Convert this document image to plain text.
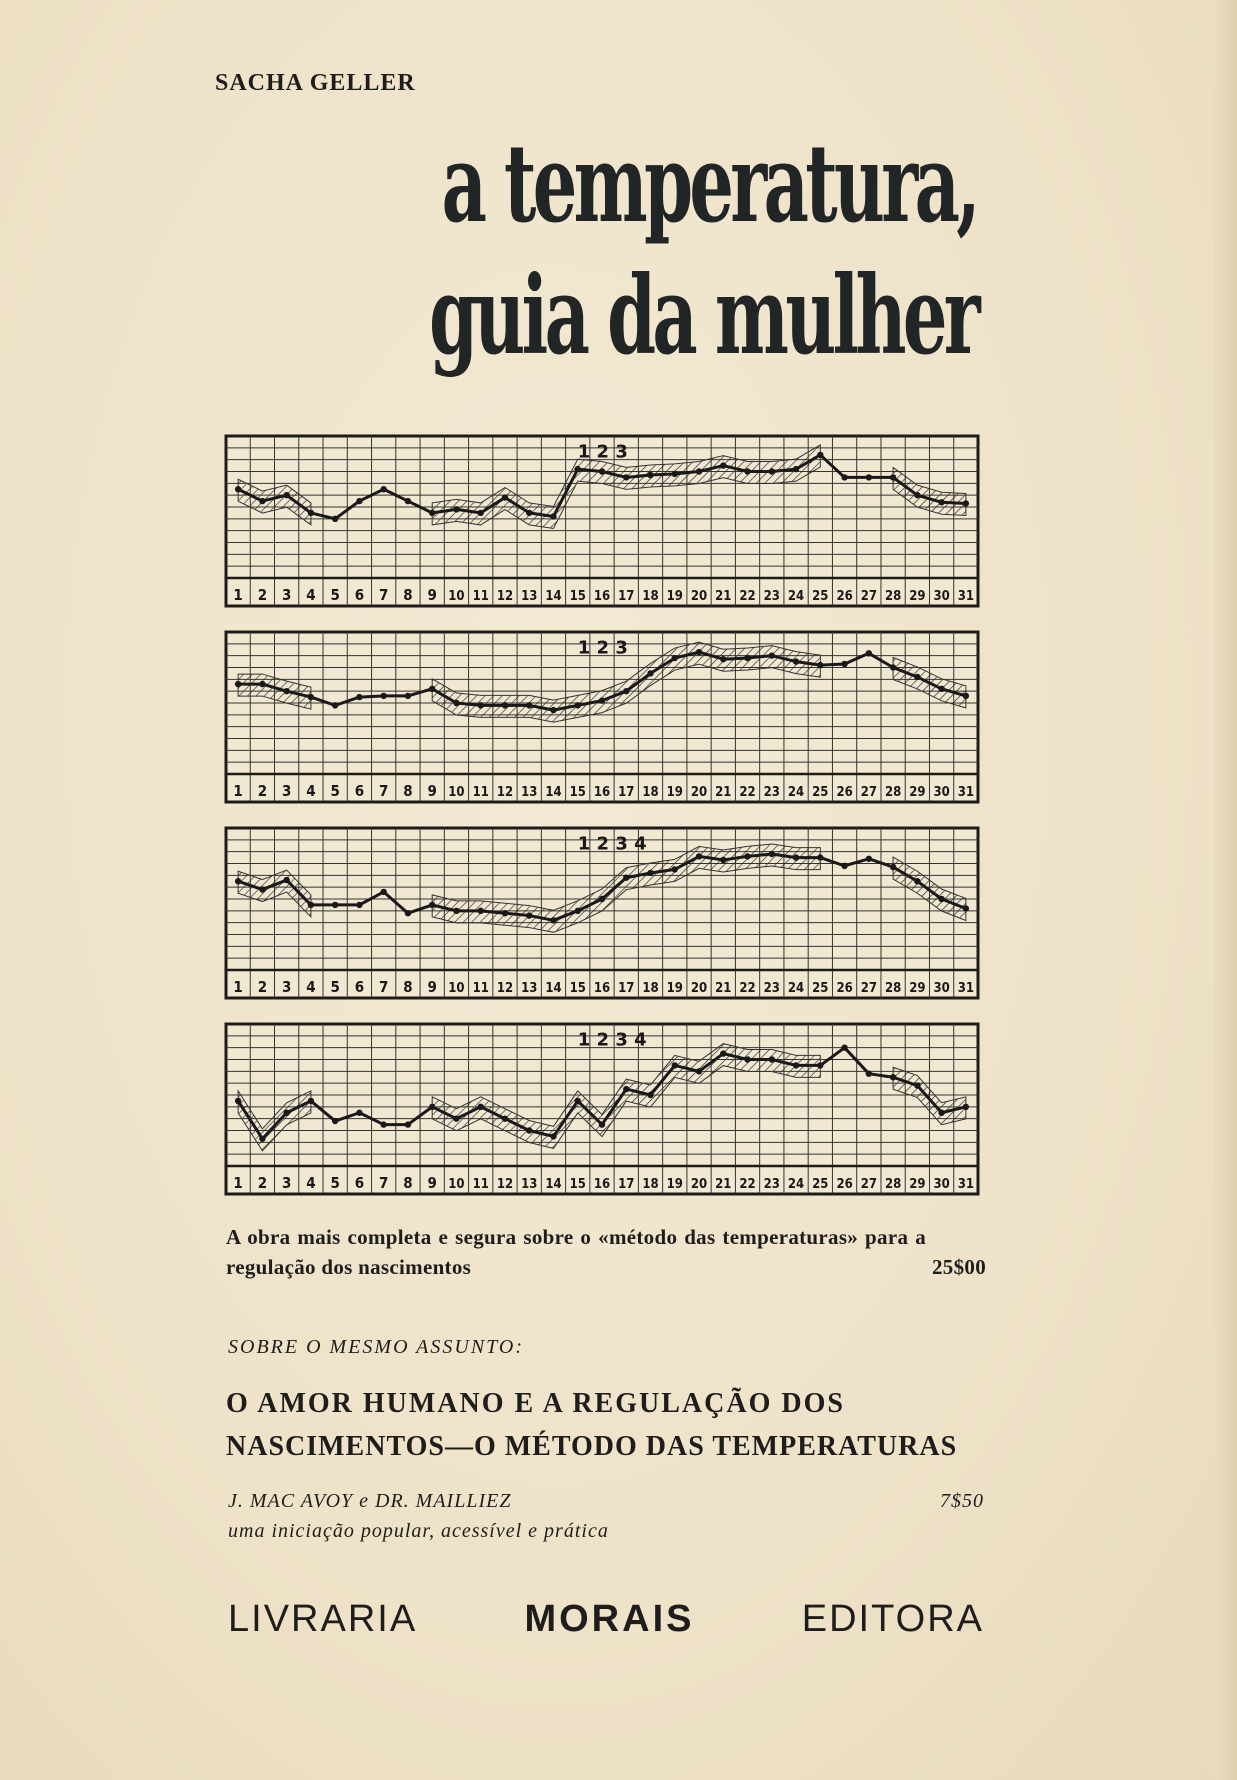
SACHA GELLER
a temperatura,
guia da mulher
1 2 3
1 2 3 4 5 6 7 8 9 10 11 12 13 14 15 16 17 18 19 20 21 22 23 24 25 26 27 28 29 30 31
1 2 3
1 2 3 4 5 6 7 8 9 10 11 12 13 14 15 16 17 18 19 20 21 22 23 24 25 26 27 28 29 30 31
1 2 3 4
1 2 3 4 5 6 7 8 9 10 11 12 13 14 15 16 17 18 19 20 21 22 23 24 25 26 27 28 29 30 31
1 2 3 4
1 2 3 4 5 6 7 8 9 10 11 12 13 14 15 16 17 18 19 20 21 22 23 24 25 26 27 28 29 30 31
A obra mais completa e segura sobre o «método das temperaturas» para a regulação dos nascimentos	25$00
SOBRE O MESMO ASSUNTO:
O AMOR HUMANO E A REGULAÇÃO DOS
NASCIMENTOS—O MÉTODO DAS TEMPERATURAS
J. MAC AVOY e DR. MAILLIEZ
uma iniciação popular, acessível e prática
7$50
LIVRARIA	MORAIS	EDITORA
